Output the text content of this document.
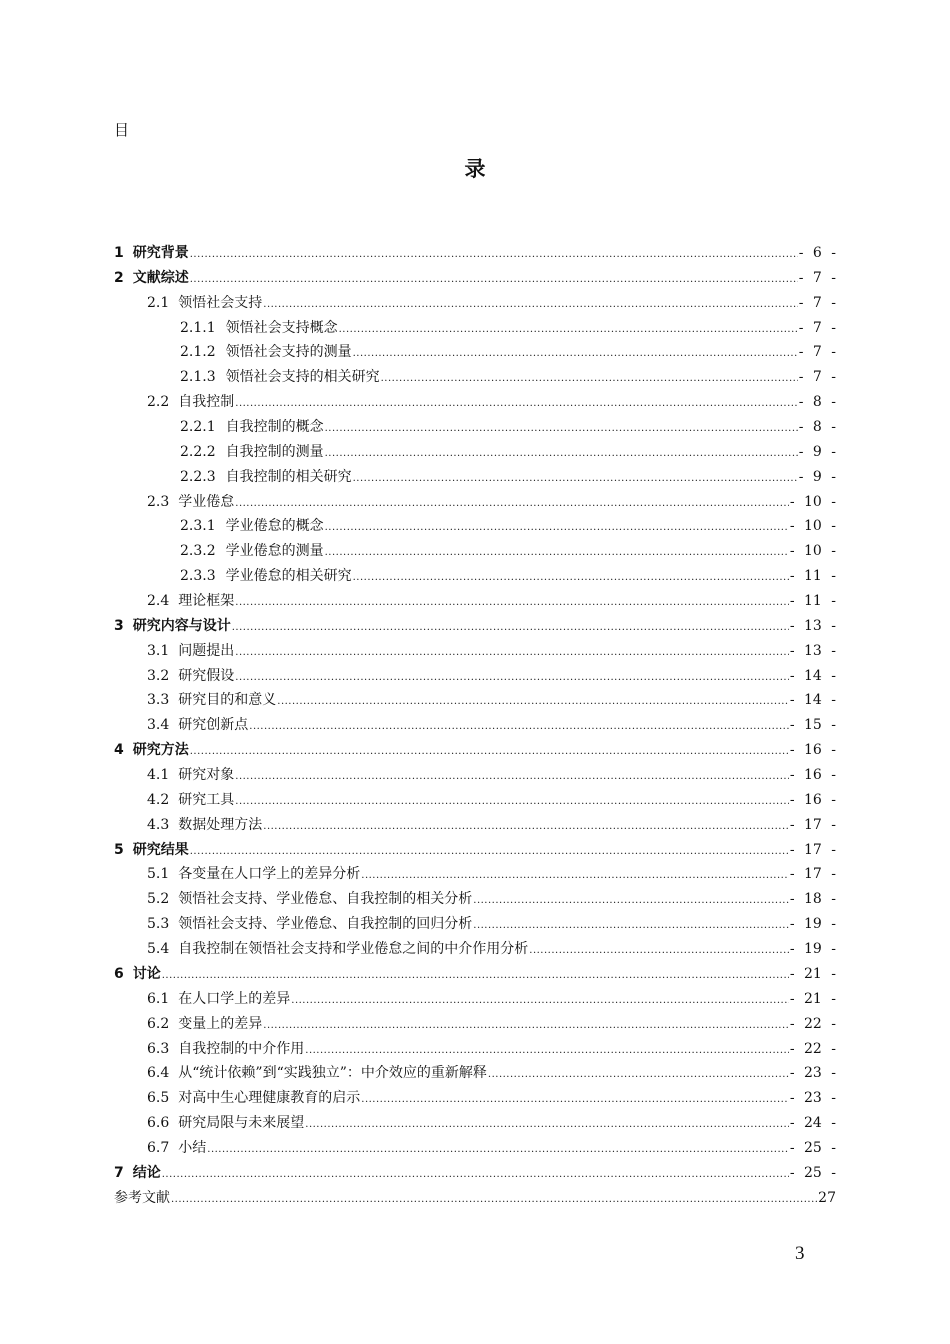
目
录
1 研究背景 .....	- 6 -
2 文献综述 .....	- 7 -
2.1 领悟社会支持 .....	- 7 -
2.1.1 领悟社会支持概念 .....	- 7 -
2.1.2 领悟社会支持的测量 .....	- 7 -
2.1.3 领悟社会支持的相关研究 .....	- 7 -
2.2 自我控制 .....	- 8 -
2.2.1 自我控制的概念 .....	- 8 -
2.2.2 自我控制的测量 .....	- 9 -
2.2.3 自我控制的相关研究 .....	- 9 -
2.3 学业倦怠 .....	- 10 -
2.3.1 学业倦怠的概念 .....	- 10 -
2.3.2 学业倦怠的测量 .....	- 10 -
2.3.3 学业倦怠的相关研究 .....	- 11 -
2.4 理论框架 .....	- 11 -
3 研究内容与设计 .....	- 13 -
3.1 问题提出 .....	- 13 -
3.2 研究假设 .....	- 14 -
3.3 研究目的和意义 .....	- 14 -
3.4 研究创新点 .....	- 15 -
4 研究方法 .....	- 16 -
4.1 研究对象 .....	- 16 -
4.2 研究工具 .....	- 16 -
4.3 数据处理方法 .....	- 17 -
5 研究结果 .....	- 17 -
5.1 各变量在人口学上的差异分析 .....	- 17 -
5.2 领悟社会支持、学业倦怠、自我控制的相关分析 .....	- 18 -
5.3 领悟社会支持、学业倦怠、自我控制的回归分析 .....	- 19 -
5.4 自我控制在领悟社会支持和学业倦怠之间的中介作用分析 .....	- 19 -
6 讨论 .....	- 21 -
6.1 在人口学上的差异 .....	- 21 -
6.2 变量上的差异 .....	- 22 -
6.3 自我控制的中介作用 .....	- 22 -
6.4 从“统计依赖”到“实践独立”：中介效应的重新解释 .....	- 23 -
6.5 对高中生心理健康教育的启示 .....	- 23 -
6.6 研究局限与未来展望 .....	- 24 -
6.7 小结 .....	- 25 -
7 结论 .....	- 25 -
参考文献 .....	27
3
